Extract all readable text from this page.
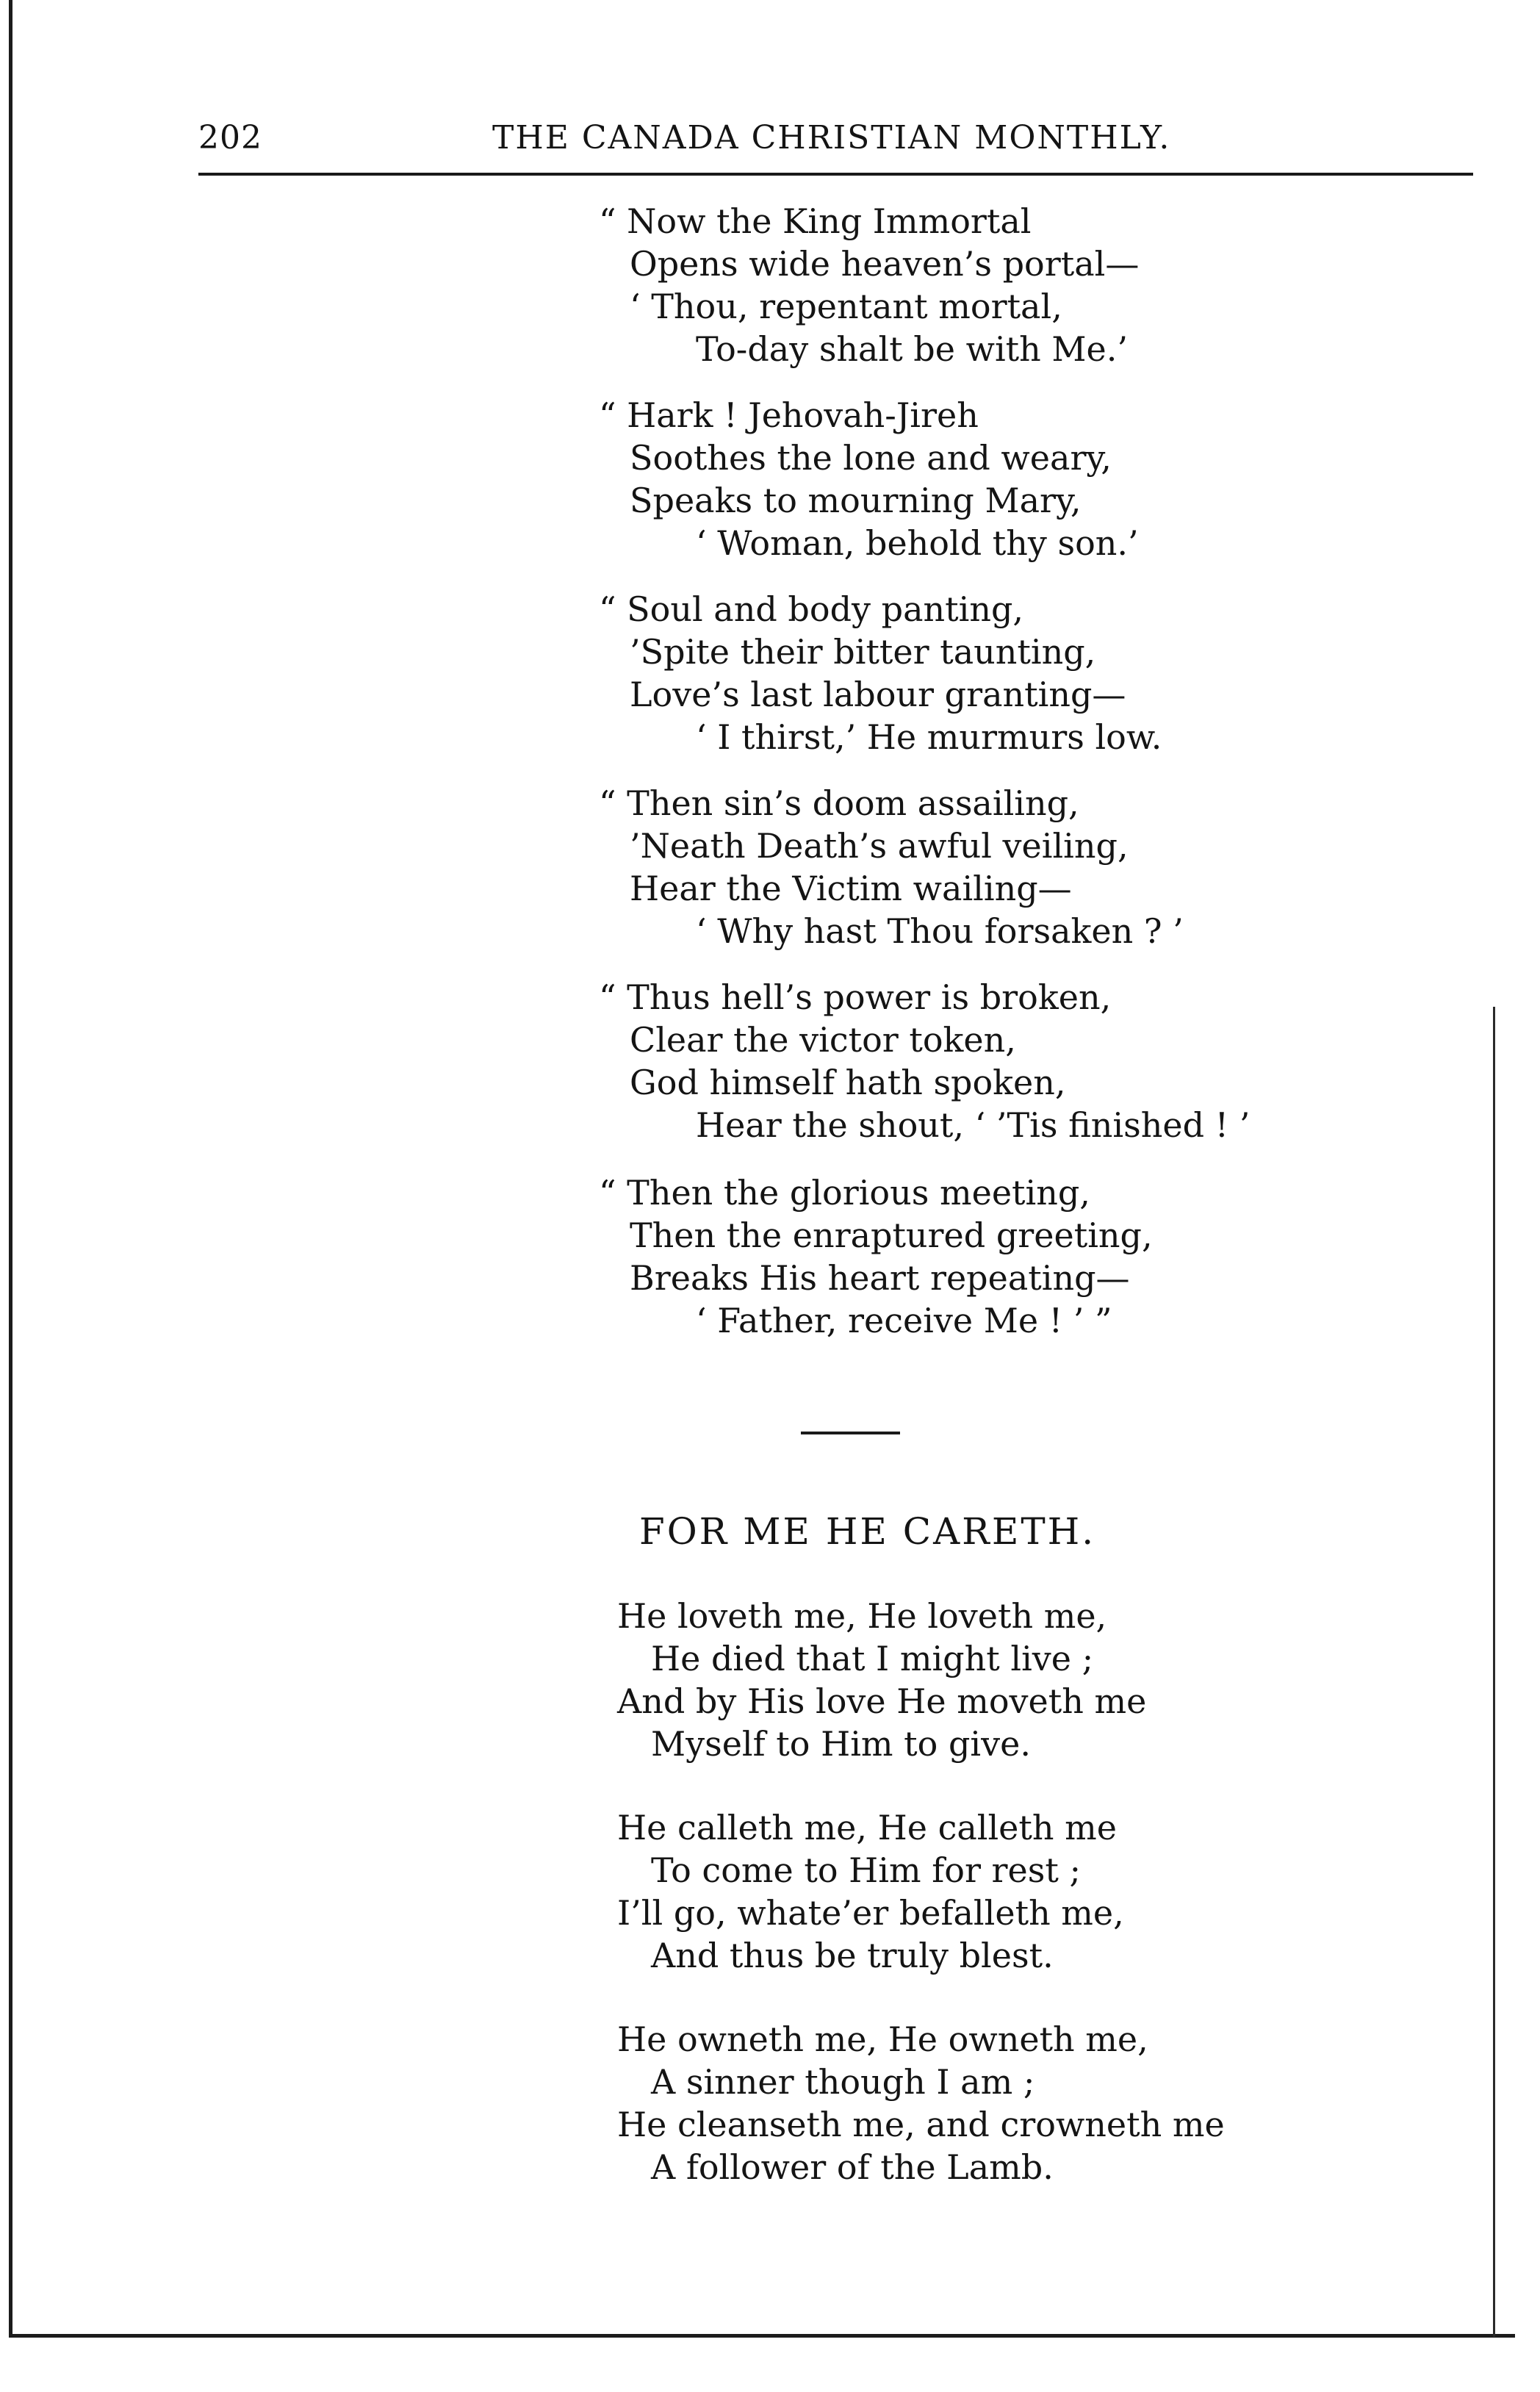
202	THE CANADA CHRISTIAN MONTHLY.
“ Now the King Immortal
Opens wide heaven’s portal—
‘ Thou, repentant mortal,
To-day shalt be with Me.’
“ Hark ! Jehovah-Jireh
Soothes the lone and weary,
Speaks to mourning Mary,
‘ Woman, behold thy son.’
“ Soul and body panting,
’Spite their bitter taunting,
Love’s last labour granting—
‘ I thirst,’ He murmurs low.
“ Then sin’s doom assailing,
’Neath Death’s awful veiling,
Hear the Victim wailing—
‘ Why hast Thou forsaken ? ’
“ Thus hell’s power is broken,
Clear the victor token,
God himself hath spoken,
Hear the shout, ‘ ’Tis finished ! ’
“ Then the glorious meeting,
Then the enraptured greeting,
Breaks His heart repeating—
‘ Father, receive Me ! ’ ”
FOR ME HE CARETH.
He loveth me, He loveth me,
He died that I might live ;
And by His love He moveth me
Myself to Him to give.
He calleth me, He calleth me
To come to Him for rest ;
I’ll go, whate’er befalleth me,
And thus be truly blest.
He owneth me, He owneth me,
A sinner though I am ;
He cleanseth me, and crowneth me
A follower of the Lamb.
